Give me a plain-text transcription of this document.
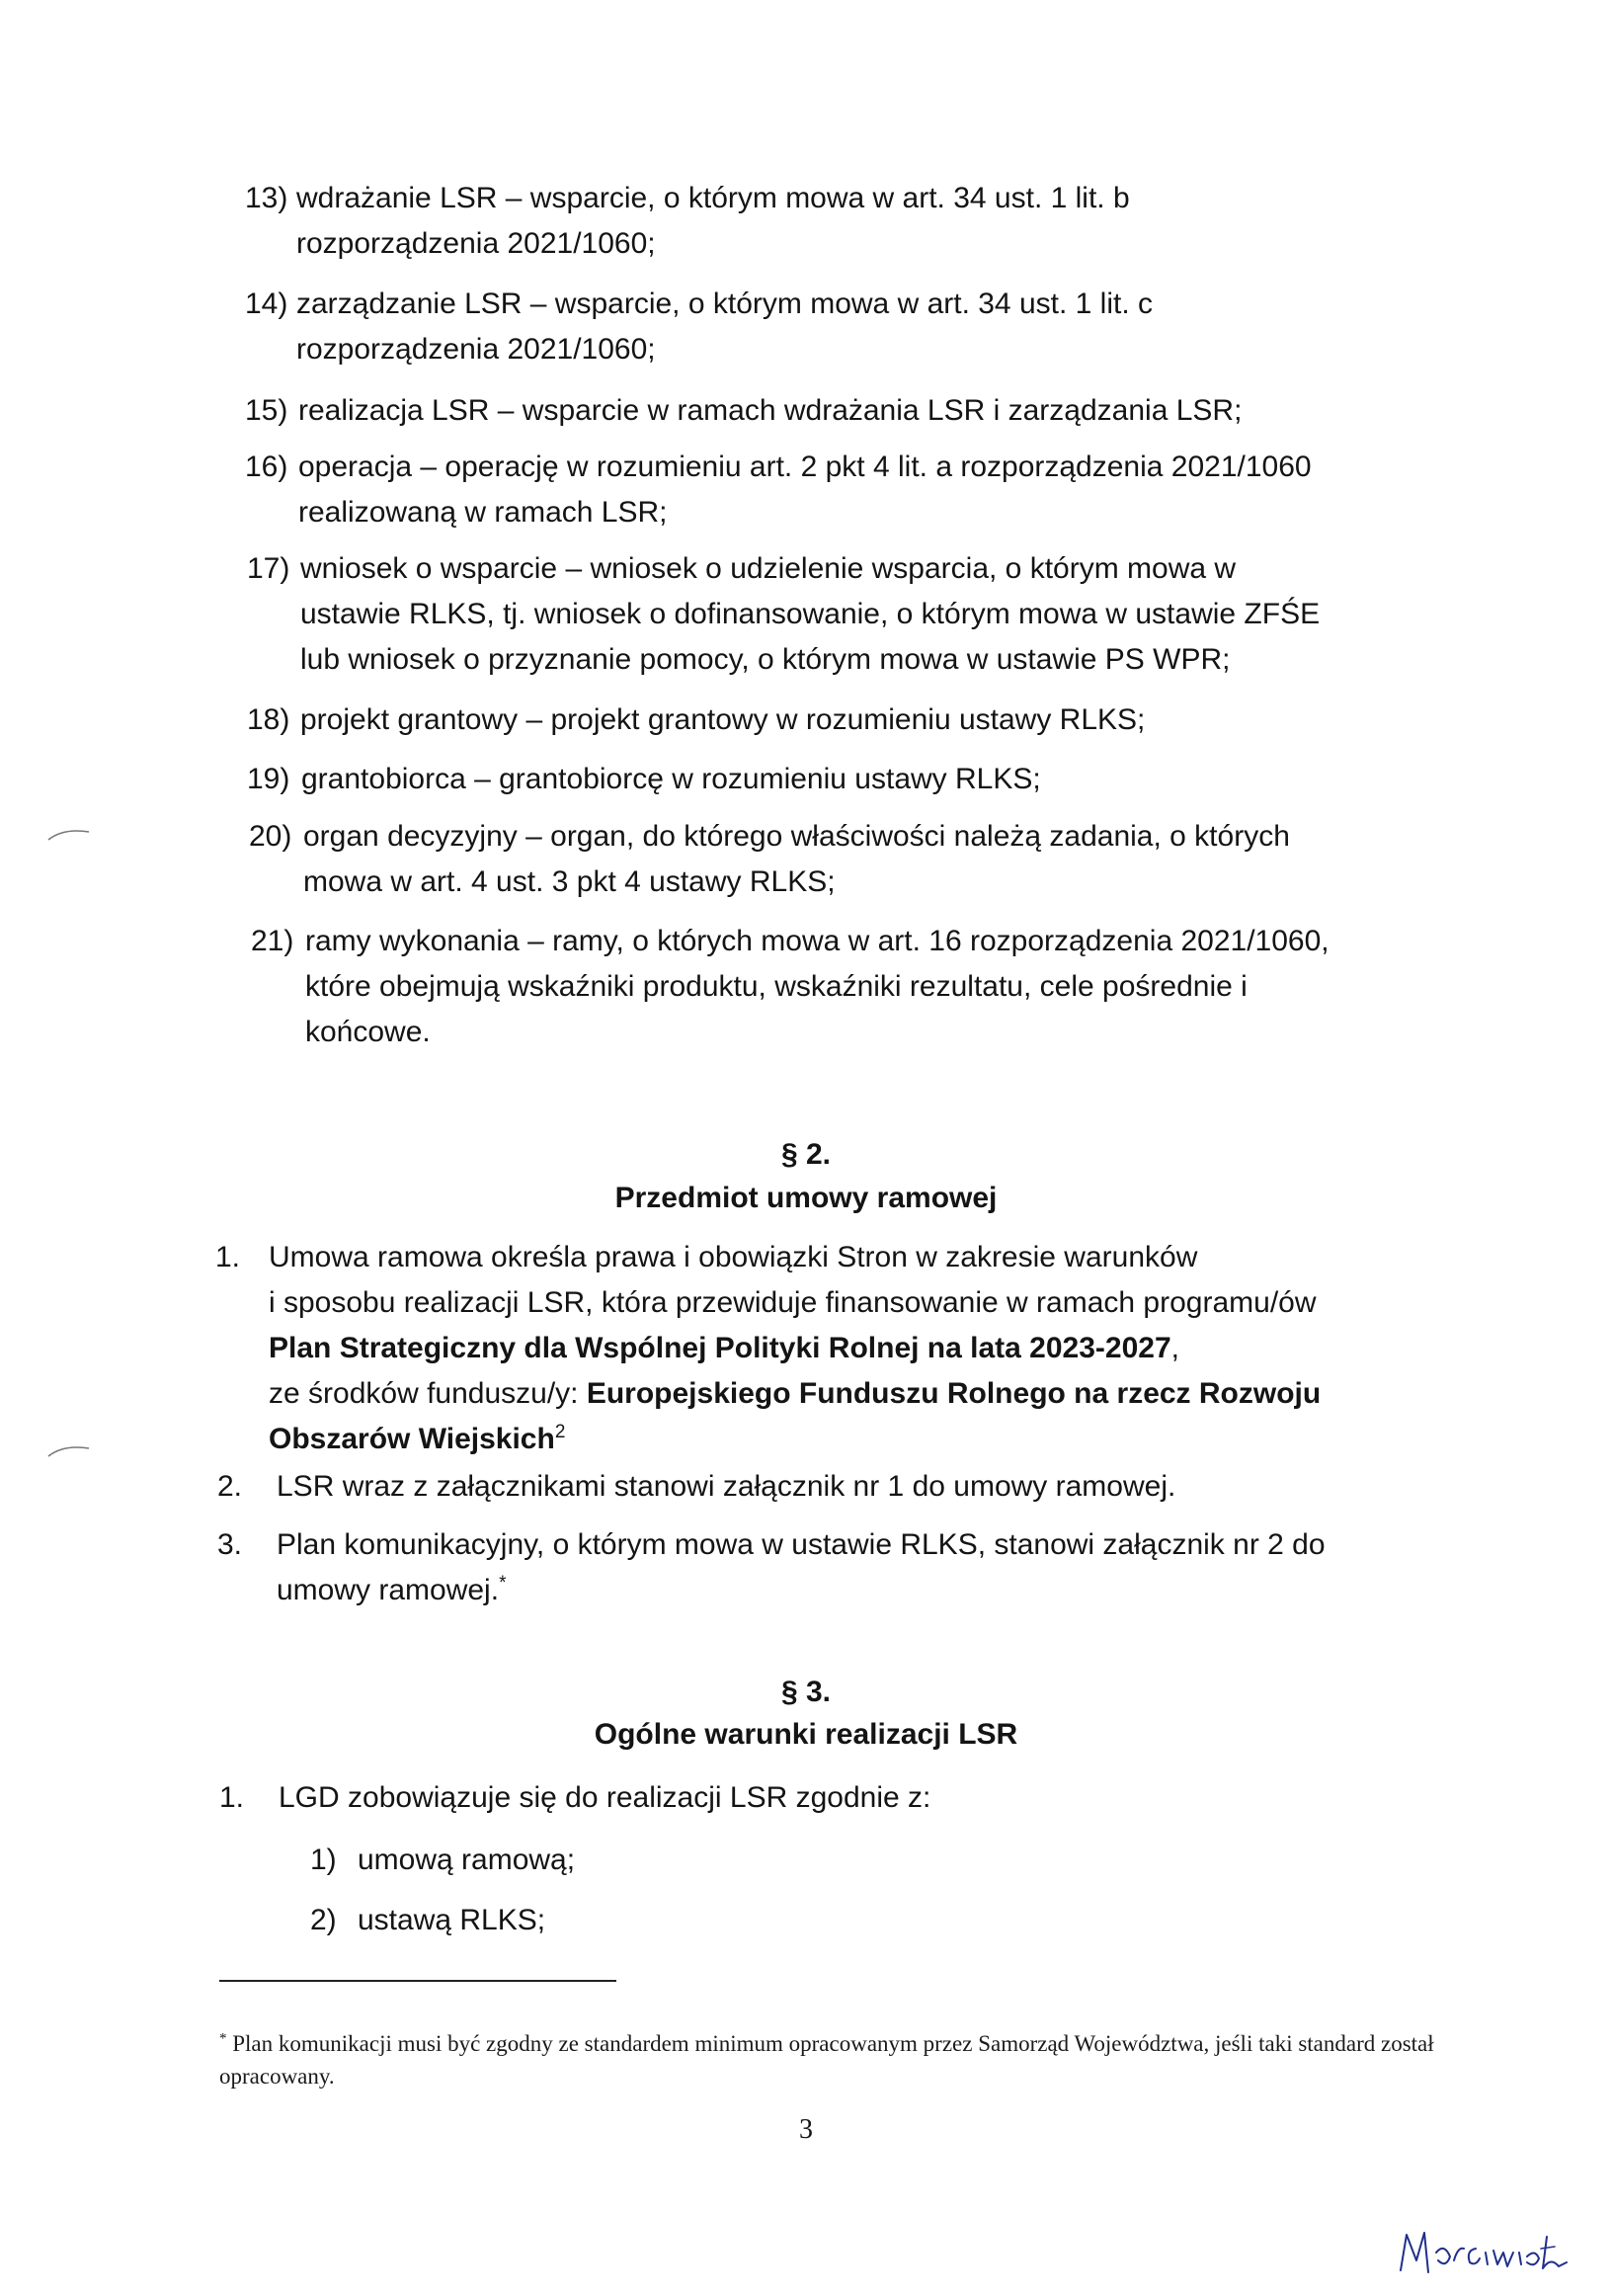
13) wdrażanie LSR – wsparcie, o którym mowa w art. 34 ust. 1 lit. b
rozporządzenia 2021/1060;
14) zarządzanie LSR – wsparcie, o którym mowa w art. 34 ust. 1 lit. c
rozporządzenia 2021/1060;
15) realizacja LSR – wsparcie w ramach wdrażania LSR i zarządzania LSR;
16) operacja – operację w rozumieniu art. 2 pkt 4 lit. a rozporządzenia 2021/1060
realizowaną w ramach LSR;
17) wniosek o wsparcie – wniosek o udzielenie wsparcia, o którym mowa w
ustawie RLKS, tj. wniosek o dofinansowanie, o którym mowa w ustawie ZFŚE
lub wniosek o przyznanie pomocy, o którym mowa w ustawie PS WPR;
18) projekt grantowy – projekt grantowy w rozumieniu ustawy RLKS;
19) grantobiorca – grantobiorcę w rozumieniu ustawy RLKS;
20) organ decyzyjny – organ, do którego właściwości należą zadania, o których
mowa w art. 4 ust. 3 pkt 4 ustawy RLKS;
21) ramy wykonania – ramy, o których mowa w art. 16 rozporządzenia 2021/1060,
które obejmują wskaźniki produktu, wskaźniki rezultatu, cele pośrednie i
końcowe.
§ 2.
Przedmiot umowy ramowej
1. Umowa ramowa określa prawa i obowiązki Stron w zakresie warunków
i sposobu realizacji LSR, która przewiduje finansowanie w ramach programu/ów
Plan Strategiczny dla Wspólnej Polityki Rolnej na lata 2023-2027,
ze środków funduszu/y: Europejskiego Funduszu Rolnego na rzecz Rozwoju
Obszarów Wiejskich$^2$
2. LSR wraz z załącznikami stanowi załącznik nr 1 do umowy ramowej.
3. Plan komunikacyjny, o którym mowa w ustawie RLKS, stanowi załącznik nr 2 do
umowy ramowej.*
§ 3.
Ogólne warunki realizacji LSR
1. LGD zobowiązuje się do realizacji LSR zgodnie z:
1) umową ramową;
2) ustawą RLKS;
* Plan komunikacji musi być zgodny ze standardem minimum opracowanym przez Samorząd Województwa, jeśli taki standard został opracowany.
3
